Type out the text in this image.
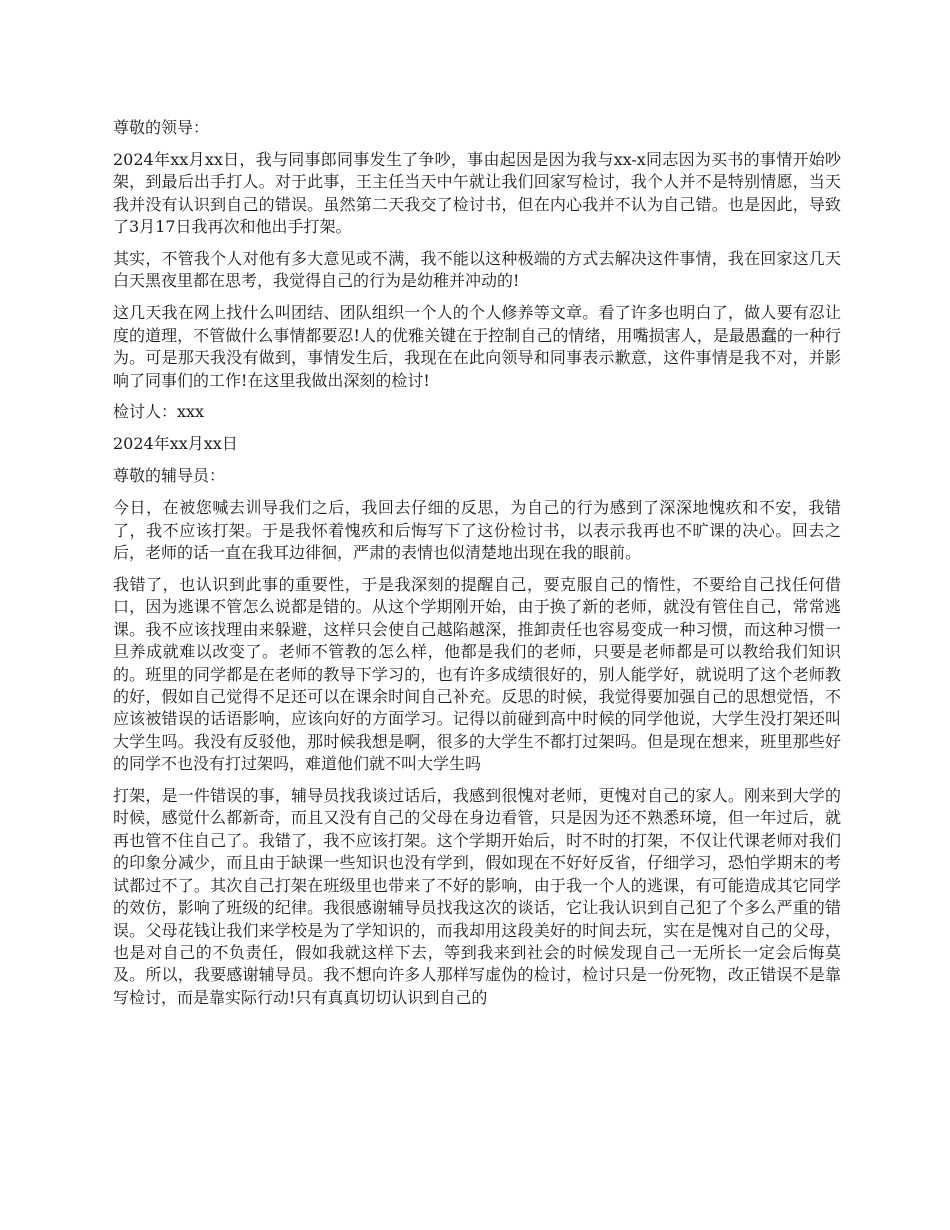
尊敬的领导：

2024年xx月xx日，我与同事郎同事发生了争吵，事由起因是因为我与xx-x同志因为买书的事情开始吵架，到最后出手打人。对于此事，王主任当天中午就让我们回家写检讨，我个人并不是特别情愿，当天我并没有认识到自己的错误。虽然第二天我交了检讨书，但在内心我并不认为自己错。也是因此，导致了3月17日我再次和他出手打架。

其实，不管我个人对他有多大意见或不满，我不能以这种极端的方式去解决这件事情，我在回家这几天白天黑夜里都在思考，我觉得自己的行为是幼稚并冲动的!

这几天我在网上找什么叫团结、团队组织一个人的个人修养等文章。看了许多也明白了，做人要有忍让度的道理，不管做什么事情都要忍!人的优雅关键在于控制自己的情绪，用嘴损害人，是最愚蠢的一种行为。可是那天我没有做到，事情发生后，我现在在此向领导和同事表示歉意，这件事情是我不对，并影响了同事们的工作!在这里我做出深刻的检讨!

检讨人：xxx

2024年xx月xx日

尊敬的辅导员：

今日，在被您喊去训导我们之后，我回去仔细的反思，为自己的行为感到了深深地愧疚和不安，我错了，我不应该打架。于是我怀着愧疚和后悔写下了这份检讨书，以表示我再也不旷课的决心。回去之后，老师的话一直在我耳边徘徊，严肃的表情也似清楚地出现在我的眼前。

我错了，也认识到此事的重要性，于是我深刻的提醒自己，要克服自己的惰性，不要给自己找任何借口，因为逃课不管怎么说都是错的。从这个学期刚开始，由于换了新的老师，就没有管住自己，常常逃课。我不应该找理由来躲避，这样只会使自己越陷越深，推卸责任也容易变成一种习惯，而这种习惯一旦养成就难以改变了。老师不管教的怎么样，他都是我们的老师，只要是老师都是可以教给我们知识的。班里的同学都是在老师的教导下学习的，也有许多成绩很好的，别人能学好，就说明了这个老师教的好，假如自己觉得不足还可以在课余时间自己补充。反思的时候，我觉得要加强自己的思想觉悟，不应该被错误的话语影响，应该向好的方面学习。记得以前碰到高中时候的同学他说，大学生没打架还叫大学生吗。我没有反驳他，那时候我想是啊，很多的大学生不都打过架吗。但是现在想来，班里那些好的同学不也没有打过架吗，难道他们就不叫大学生吗

打架，是一件错误的事，辅导员找我谈过话后，我感到很愧对老师，更愧对自己的家人。刚来到大学的时候，感觉什么都新奇，而且又没有自己的父母在身边看管，只是因为还不熟悉环境，但一年过后，就再也管不住自己了。我错了，我不应该打架。这个学期开始后，时不时的打架，不仅让代课老师对我们的印象分减少，而且由于缺课一些知识也没有学到，假如现在不好好反省，仔细学习，恐怕学期末的考试都过不了。其次自己打架在班级里也带来了不好的影响，由于我一个人的逃课，有可能造成其它同学的效仿，影响了班级的纪律。我很感谢辅导员找我这次的谈话，它让我认识到自己犯了个多么严重的错误。父母花钱让我们来学校是为了学知识的，而我却用这段美好的时间去玩，实在是愧对自己的父母，也是对自己的不负责任，假如我就这样下去，等到我来到社会的时候发现自己一无所长一定会后悔莫及。所以，我要感谢辅导员。我不想向许多人那样写虚伪的检讨，检讨只是一份死物，改正错误不是靠写检讨，而是靠实际行动!只有真真切切认识到自己的
